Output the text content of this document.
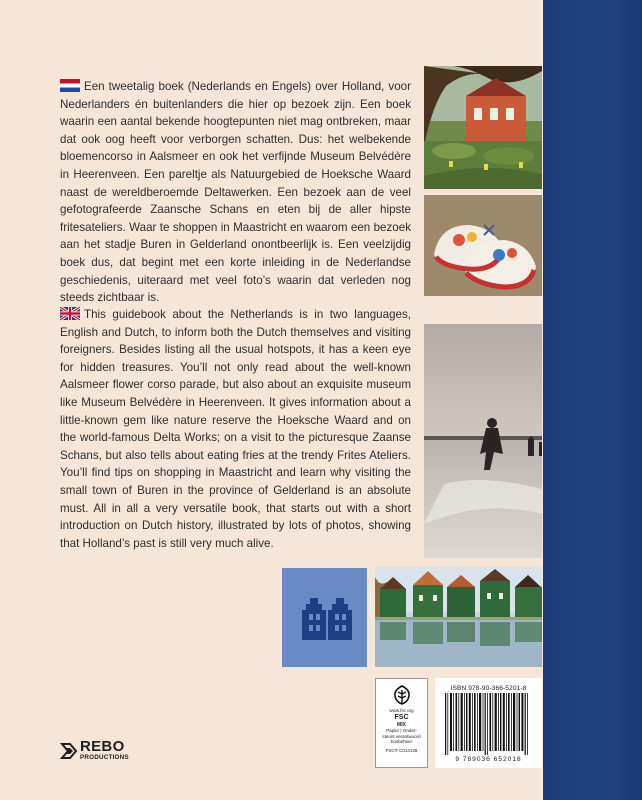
Een tweetalig boek (Nederlands en Engels) over Holland, voor Nederlanders én buitenlanders die hier op bezoek zijn. Een boek waarin een aantal bekende hoogtepunten niet mag ontbreken, maar dat ook oog heeft voor verborgen schatten. Dus: het welbekende bloemencorso in Aalsmeer en ook het verfijnde Museum Belvédère in Heerenveen. Een pareltje als Natuurgebied de Hoeksche Waard naast de wereldberoemde Deltawerken. Een bezoek aan de veel gefotografeerde Zaansche Schans en eten bij de aller hipste fritesateliers. Waar te shoppen in Maastricht en waarom een bezoek aan het stadje Buren in Gelderland onontbeerlijk is. Een veelzijdig boek dus, dat begint met een korte inleiding in de Nederlandse geschiedenis, uiteraard met veel foto’s waarin dat verleden nog steeds zichtbaar is.
This guidebook about the Netherlands is in two languages, English and Dutch, to inform both the Dutch themselves and visiting foreigners. Besides listing all the usual hotspots, it has a keen eye for hidden treasures. You’ll not only read about the well-known Aalsmeer flower corso parade, but also about an exquisite museum like Museum Belvédère in Heerenveen. It gives information about a little-known gem like nature reserve the Hoeksche Waard and on the world-famous Delta Works; on a visit to the picturesque Zaanse Schans, but also tells about eating fries at the trendy Frites Ateliers. You’ll find tips on shopping in Maastricht and learn why visiting the small town of Buren in the province of Gelderland is an absolute must. All in all a very versatile book, that starts out with a short introduction on Dutch history, illustrated by lots of photos, showing that Holland’s past is still very much alive.
www.fsc.org
FSC
MIX
Papier | Onder-
steunt verantwoord
bosbeheer
FSC® C014138
ISBN 978-90-366-5201-8
9 789036 652018
REBO
PRODUCTIONS
